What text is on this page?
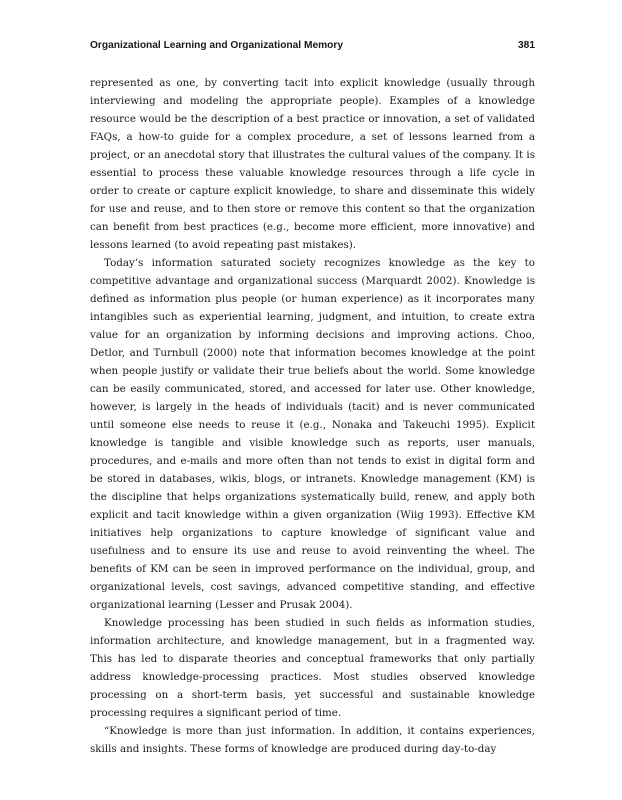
Organizational Learning and Organizational Memory	381

represented as one, by converting tacit into explicit knowledge (usually through interviewing and modeling the appropriate people). Examples of a knowledge resource would be the description of a best practice or innovation, a set of validated FAQs, a how-to guide for a complex procedure, a set of lessons learned from a project, or an anecdotal story that illustrates the cultural values of the company. It is essential to process these valuable knowledge resources through a life cycle in order to create or capture explicit knowledge, to share and disseminate this widely for use and reuse, and to then store or remove this content so that the organization can benefit from best practices (e.g., become more efficient, more innovative) and lessons learned (to avoid repeating past mistakes).

Today’s information saturated society recognizes knowledge as the key to competitive advantage and organizational success (Marquardt 2002). Knowledge is defined as information plus people (or human experience) as it incorporates many intangibles such as experiential learning, judgment, and intuition, to create extra value for an organization by informing decisions and improving actions. Choo, Detlor, and Turnbull (2000) note that information becomes knowledge at the point when people justify or validate their true beliefs about the world. Some knowledge can be easily communicated, stored, and accessed for later use. Other knowledge, however, is largely in the heads of individuals (tacit) and is never communicated until someone else needs to reuse it (e.g., Nonaka and Takeuchi 1995). Explicit knowledge is tangible and visible knowledge such as reports, user manuals, procedures, and e-mails and more often than not tends to exist in digital form and be stored in databases, wikis, blogs, or intranets. Knowledge management (KM) is the discipline that helps organizations systematically build, renew, and apply both explicit and tacit knowledge within a given organization (Wiig 1993). Effective KM initiatives help organizations to capture knowledge of significant value and usefulness and to ensure its use and reuse to avoid reinventing the wheel. The benefits of KM can be seen in improved performance on the individual, group, and organizational levels, cost savings, advanced competitive standing, and effective organizational learning (Lesser and Prusak 2004).

Knowledge processing has been studied in such fields as information studies, information architecture, and knowledge management, but in a fragmented way. This has led to disparate theories and conceptual frameworks that only partially address knowledge-processing practices. Most studies observed knowledge processing on a short-term basis, yet successful and sustainable knowledge processing requires a significant period of time.

“Knowledge is more than just information. In addition, it contains experiences, skills and insights. These forms of knowledge are produced during day-to-day
